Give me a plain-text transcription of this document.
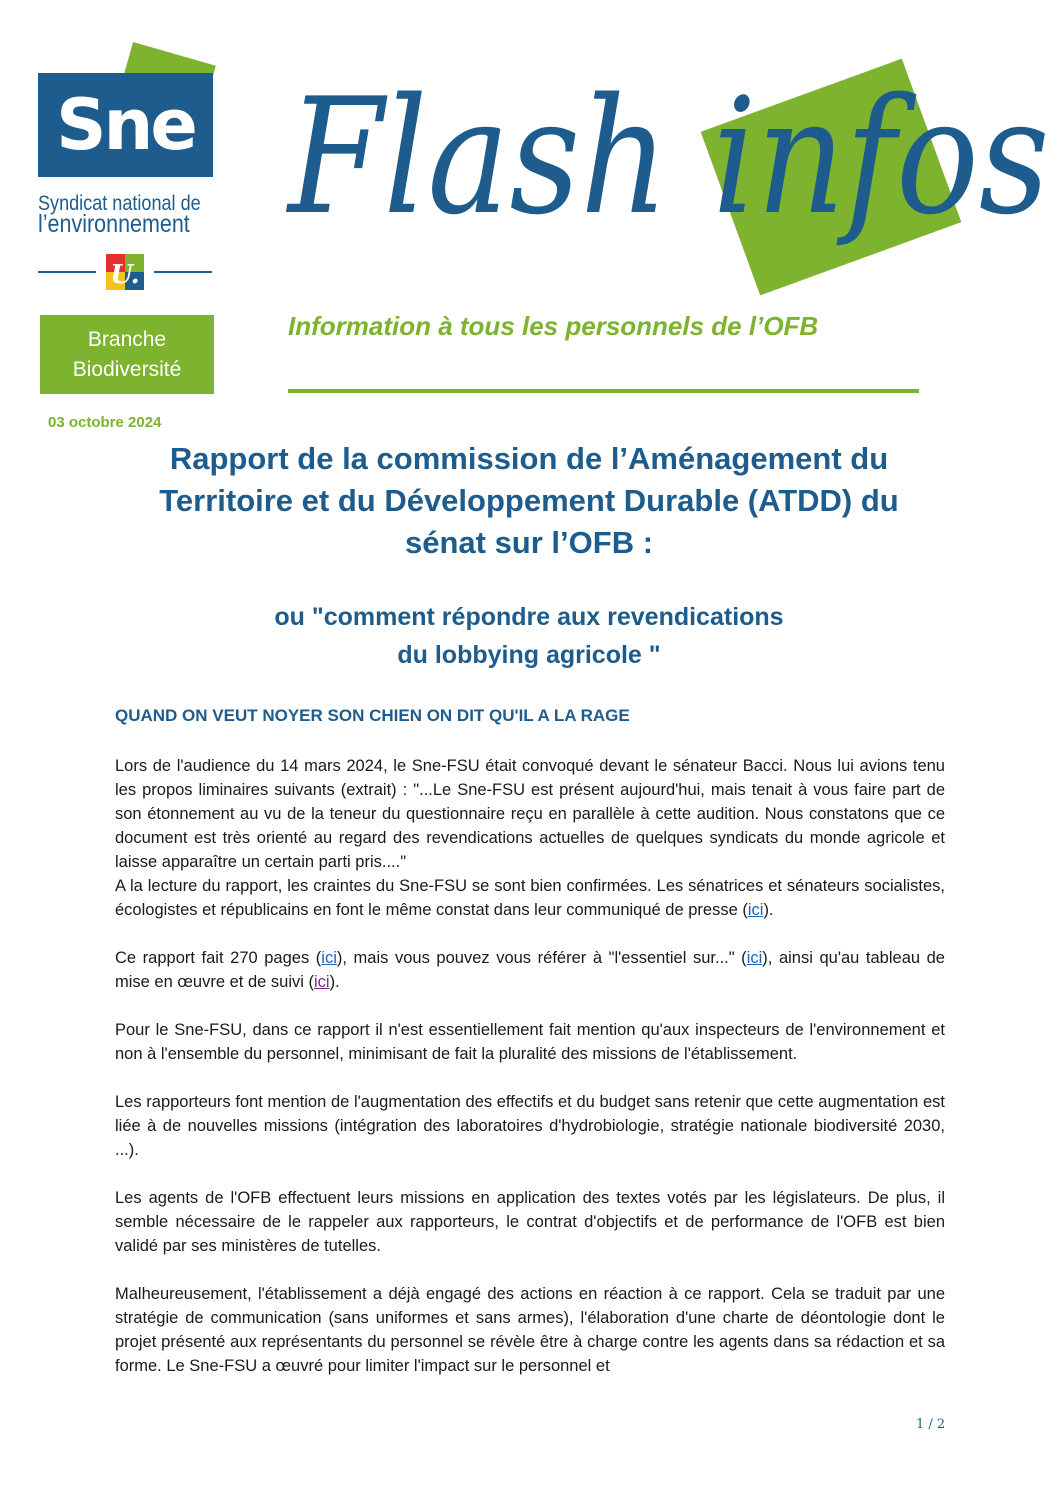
Sne
Syndicat national de
l’environnement
U.
Branche
Biodiversité
03 octobre 2024
Flash infos
Information à tous les personnels de l’OFB
Rapport de la commission de l’Aménagement du
Territoire et du Développement Durable (ATDD) du
sénat sur l’OFB :
ou "comment répondre aux revendications
du lobbying agricole "
QUAND ON VEUT NOYER SON CHIEN ON DIT QU'IL A LA RAGE

Lors de l'audience du 14 mars 2024, le Sne-FSU était convoqué devant le sénateur Bacci. Nous lui avions tenu les propos liminaires suivants (extrait) : "...Le Sne-FSU est présent aujourd'hui, mais tenait à vous faire part de son étonnement au vu de la teneur du questionnaire reçu en parallèle à cette audition. Nous constatons que ce document est très orienté au regard des revendications actuelles de quelques syndicats du monde agricole et laisse apparaître un certain parti pris...."

A la lecture du rapport, les craintes du Sne-FSU se sont bien confirmées. Les sénatrices et sénateurs socialistes, écologistes et républicains en font le même constat dans leur communiqué de presse (ici).

Ce rapport fait 270 pages (ici), mais vous pouvez vous référer à "l'essentiel sur..." (ici), ainsi qu'au tableau de mise en œuvre et de suivi (ici).

Pour le Sne-FSU, dans ce rapport il n'est essentiellement fait mention qu'aux inspecteurs de l'environnement et non à l'ensemble du personnel, minimisant de fait la pluralité des missions de l'établissement.

Les rapporteurs font mention de l'augmentation des effectifs et du budget sans retenir que cette augmentation est liée à de nouvelles missions (intégration des laboratoires d'hydrobiologie, stratégie nationale biodiversité 2030, ...).

Les agents de l'OFB effectuent leurs missions en application des textes votés par les législateurs. De plus, il semble nécessaire de le rappeler aux rapporteurs, le contrat d'objectifs et de performance de l'OFB est bien validé par ses ministères de tutelles.

Malheureusement, l'établissement a déjà engagé des actions en réaction à ce rapport. Cela se traduit par une stratégie de communication (sans uniformes et sans armes), l'élaboration d'une charte de déontologie dont le projet présenté aux représentants du personnel se révèle être à charge contre les agents dans sa rédaction et sa forme. Le Sne-FSU a œuvré pour limiter l'impact sur le personnel et

1 / 2
